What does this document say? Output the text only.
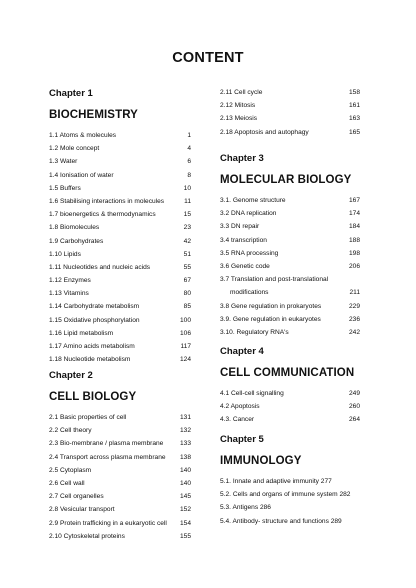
CONTENT
Chapter 1
BIOCHEMISTRY
1.1 Atoms & molecules	1
1.2 Mole concept	4
1.3 Water	6
1.4 Ionisation of water	8
1.5 Buffers	10
1.6 Stabilising interactions in molecules	11
1.7 bioenergetics & thermodynamics	15
1.8 Biomolecules	23
1.9 Carbohydrates	42
1.10 Lipids	51
1.11 Nucleotides and nucleic acids	55
1.12 Enzymes	67
1.13 Vitamins	80
1.14 Carbohydrate metabolism	85
1.15 Oxidative phosphorylation	100
1.16 Lipid metabolism	106
1.17 Amino acids metabolism	117
1.18 Nucleotide metabolism	124
Chapter 2
CELL BIOLOGY
2.1 Basic properties of cell	131
2.2 Cell theory	132
2.3 Bio-membrane / plasma membrane	133
2.4 Transport across plasma membrane 138
2.5 Cytoplasm	140
2.6 Cell wall	140
2.7 Cell organelles	145
2.8 Vesicular transport	152
2.9 Protein trafficking in a eukaryotic cell 154
2.10 Cytoskeletal proteins	155
2.11 Cell cycle	158
2.12 Mitosis	161
2.13 Meiosis	163
2.18 Apoptosis and autophagy	165
Chapter 3
MOLECULAR BIOLOGY
3.1. Genome structure	167
3.2 DNA replication	174
3.3 DN repair	184
3.4 transcription	188
3.5 RNA processing	198
3.6 Genetic code	206
3.7 Translation and post-translational
modifications	211
3.8 Gene regulation in prokaryotes	229
3.9. Gene regulation in eukaryotes	236
3.10. Regulatory RNA's	242
Chapter 4
CELL COMMUNICATION
4.1 Cell-cell signalling	249
4.2 Apoptosis	260
4.3. Cancer	264
Chapter 5
IMMUNOLOGY
5.1. Innate and adaptive immunity 277
5.2. Cells and organs of immune system 282
5.3. Antigens 286
5.4. Antibody- structure and functions 289
